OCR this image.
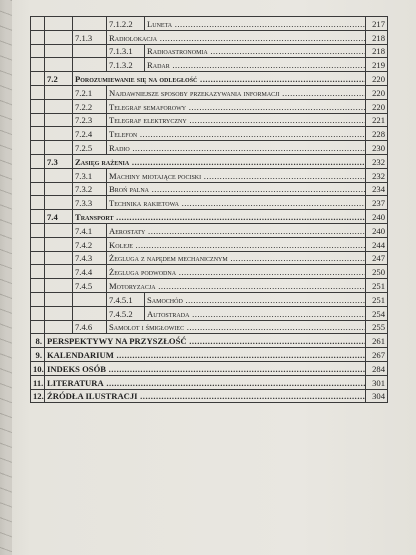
			7.1.2.2	Luneta .....	217
		7.1.3	Radiolokacja .....		218
			7.1.3.1	Radioastronomia .....	218
			7.1.3.2	Radar .....	219
	7.2	Porozumiewanie się na odległość .....			220
		7.2.1	Najdawniejsze sposoby przekazywania informacji .....		220
		7.2.2	Telegraf semaforowy .....		220
		7.2.3	Telegraf elektryczny .....		221
		7.2.4	Telefon .....		228
		7.2.5	Radio .....		230
	7.3	Zasięg rażenia .....			232
		7.3.1	Machiny miotające pociski .....		232
		7.3.2	Broń palna .....		234
		7.3.3	Technika rakietowa .....		237
	7.4	Transport .....			240
		7.4.1	Aerostaty .....		240
		7.4.2	Koleje .....		244
		7.4.3	Żegluga z napędem mechanicznym .....		247
		7.4.4	Żegluga podwodna .....		250
		7.4.5	Motoryzacja .....		251
			7.4.5.1	Samochód .....	251
			7.4.5.2	Autostrada .....	254
		7.4.6	Samolot i śmigłowiec .....		255
8.	PERSPEKTYWY NA PRZYSZŁOŚĆ .....				261
9.	KALENDARIUM .....				267
10.	INDEKS OSÓB .....				284
11.	LITERATURA .....				301
12.	ŹRÓDŁA ILUSTRACJI .....				304
